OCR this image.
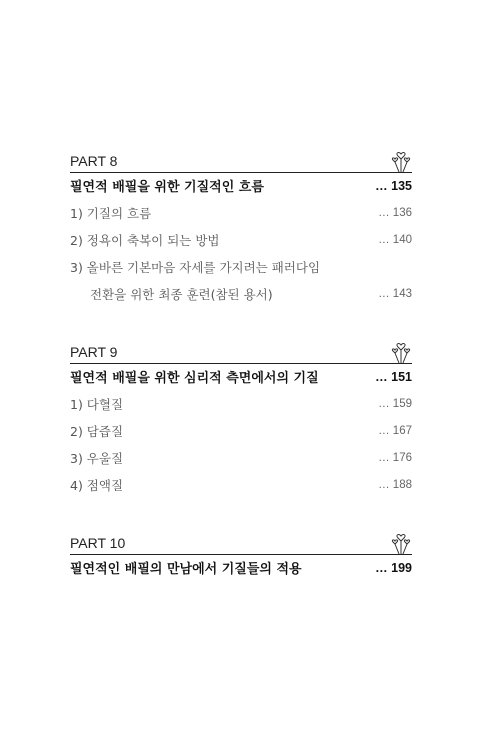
PART 8
필연적 배필을 위한 기질적인 흐름	… 135
1) 기질의 흐름	… 136
2) 정욕이 축복이 되는 방법	… 140
3) 올바른 기본마음 자세를 가지려는 패러다임
전환을 위한 최종 훈련(참된 용서)	… 143
PART 9
필연적 배필을 위한 심리적 측면에서의 기질	… 151
1) 다혈질	… 159
2) 담즙질	… 167
3) 우울질	… 176
4) 점액질	… 188
PART 10
필연적인 배필의 만남에서 기질들의 적용	… 199
